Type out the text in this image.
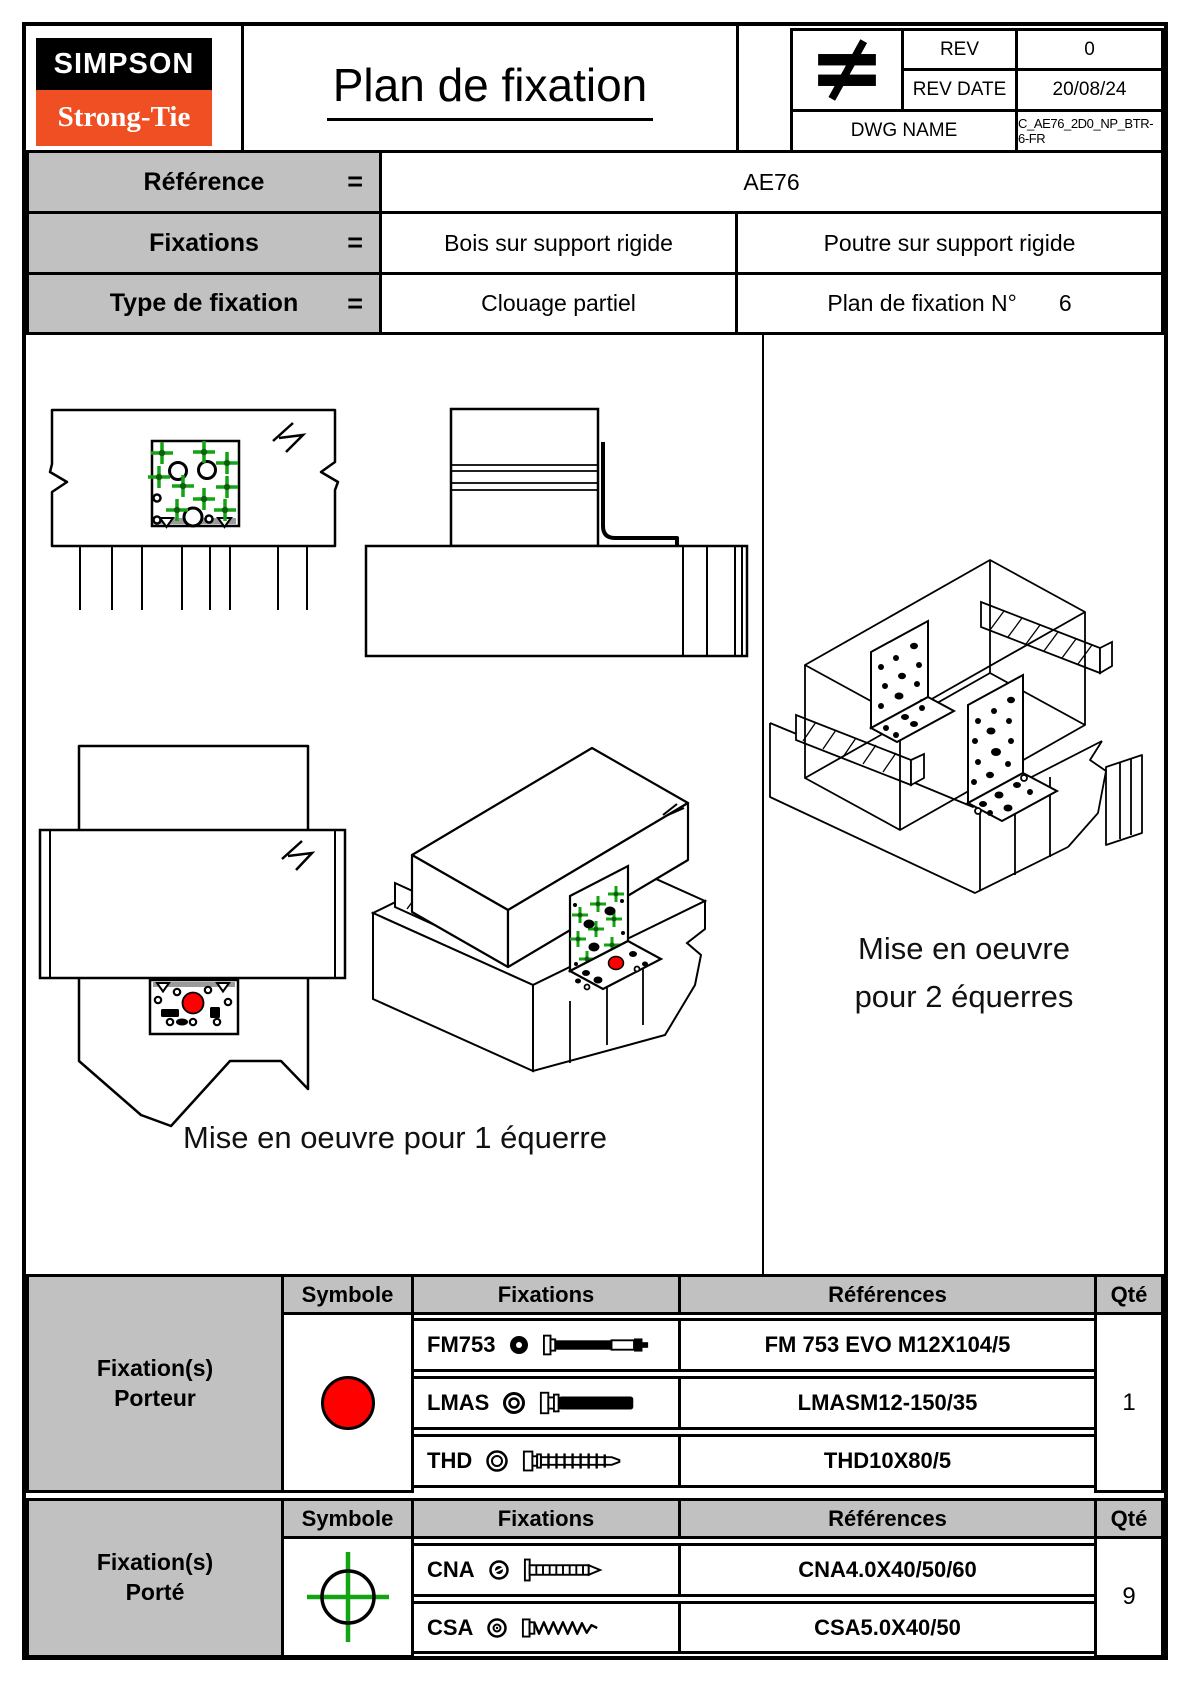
SIMPSON
Strong-Tie
Plan de fixation
REV	0
REV DATE	20/08/24
DWG NAME	C_AE76_2D0_NP_BTR-6-FR
Référence	=	AE76
Fixations	=	Bois sur support rigide	Poutre sur support rigide
Type de fixation =	Clouage partiel	Plan de fixation N° 6
Mise en oeuvre pour 1 équerre
Mise en oeuvre
pour 2 équerres
Fixation(s)
Porteur
Symbole	Fixations	Références	Qté
1
FM753	FM 753 EVO M12X104/5
LMAS	LMASM12-150/35
THD	THD10X80/5
Fixation(s)
Porté
Symbole	Fixations	Références	Qté
9
CNA	CNA4.0X40/50/60
CSA	CSA5.0X40/50
